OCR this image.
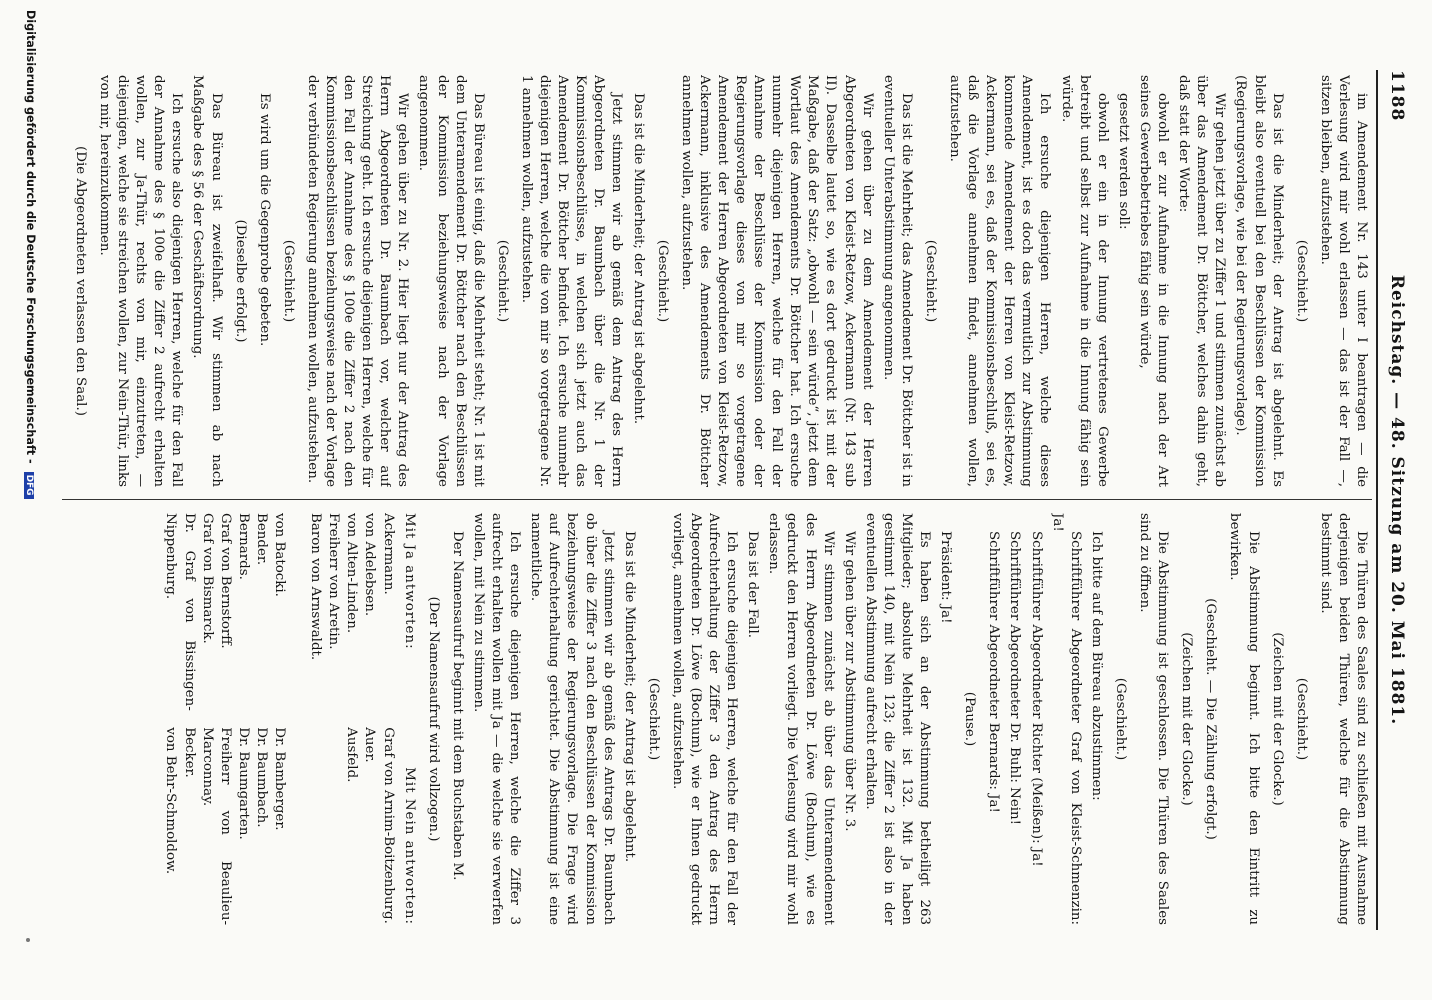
1188
Reichstag. — 48. Sitzung am 20. Mai 1881.

im Amendement Nr. 143 unter I beantragen — die Verlesung wird mir wohl erlassen — das ist der Fall —, sitzen bleiben, aufzustehen.

(Geschieht.)

Das ist die Minderheit; der Antrag ist abgelehnt. Es bleibt also eventuell bei den Beschlüssen der Kommission (Regierungsvorlage, wie bei der Regierungsvorlage).

Wir gehen jetzt über zu Ziffer 1 und stimmen zunächst ab über das Amendement Dr. Böttcher, welches dahin geht, daß statt der Worte:

obwohl er zur Aufnahme in die Innung nach der Art seines Gewerbebetriebes fähig sein würde,

gesetzt werden soll:

obwohl er ein in der Innung vertretenes Gewerbe betreibt und selbst zur Aufnahme in die Innung fähig sein würde.

Ich ersuche diejenigen Herren, welche dieses Amendement, ist es doch das vermutlich zur Abstimmung kommende Amendement der Herren von Kleist-Retzow, Ackermann, sei es, daß der Kommissionsbeschluß, sei es, daß die Vorlage annehmen findet, annehmen wollen, aufzustehen.

(Geschieht.)

Das ist die Mehrheit; das Amendement Dr. Böttcher ist in eventueller Unterabstimmung angenommen.

Wir gehen über zu dem Amendement der Herren Abgeordneten von Kleist-Retzow, Ackermann (Nr. 143 sub II). Dasselbe lautet so, wie es dort gedruckt ist mit der Maßgabe, daß der Satz: „obwohl — sein würde“, jetzt dem Wortlaut des Amendements Dr. Böttcher hat. Ich ersuche nunmehr diejenigen Herren, welche für den Fall der Annahme der Beschlüsse der Kommission oder der Regierungsvorlage dieses von mir so vorgetragene Amendement der Herren Abgeordneten von Kleist-Retzow, Ackermann, inklusive des Amendements Dr. Böttcher annehmen wollen, aufzustehen.

(Geschieht.)

Das ist die Minderheit; der Antrag ist abgelehnt.

Jetzt stimmen wir ab gemäß dem Antrag des Herrn Abgeordneten Dr. Baumbach über die Nr. 1 der Kommissionsbeschlüsse, in welchen sich jetzt auch das Amendement Dr. Böttcher befindet. Ich ersuche nunmehr diejenigen Herren, welche die von mir so vorgetragene Nr. 1 annehmen wollen, aufzustehen.

(Geschieht.)

Das Büreau ist einig, daß die Mehrheit steht; Nr. 1 ist mit dem Unteramendement Dr. Böttcher nach den Beschlüssen der Kommission beziehungsweise nach der Vorlage angenommen.

Wir gehen über zu Nr. 2. Hier liegt nur der Antrag des Herrn Abgeordneten Dr. Baumbach vor, welcher auf Streichung geht. Ich ersuche diejenigen Herren, welche für den Fall der Annahme des § 100e die Ziffer 2 nach den Kommissionsbeschlüssen beziehungsweise nach der Vorlage der verbündeten Regierung annehmen wollen, aufzustehen.

(Geschieht.)

Es wird um die Gegenprobe gebeten.

(Dieselbe erfolgt.)

Das Büreau ist zweifelhaft. Wir stimmen ab nach Maßgabe des § 56 der Geschäftsordnung.

Ich ersuche also diejenigen Herren, welche für den Fall der Annahme des § 100e die Ziffer 2 aufrecht erhalten wollen, zur Ja-Thür, rechts von mir, einzutreten, — diejenigen, welche sie streichen wollen, zur Nein-Thür, links von mir, hereinzukommen.

(Die Abgeordneten verlassen den Saal.)

Die Thüren des Saales sind zu schließen mit Ausnahme derjenigen beiden Thüren, welche für die Abstimmung bestimmt sind.

(Geschieht.)

(Zeichen mit der Glocke.)

Die Abstimmung beginnt. Ich bitte den Eintritt zu bewirken.

(Geschieht. — Die Zählung erfolgt.)

(Zeichen mit der Glocke.)

Die Abstimmung ist geschlossen. Die Thüren des Saales sind zu öffnen.

(Geschieht.)

Ich bitte auf dem Büreau abzustimmen:

Schriftführer Abgeordneter Graf von Kleist-Schmenzin: Ja!

Schriftführer Abgeordneter Richter (Meißen): Ja!

Schriftführer Abgeordneter Dr. Buhl: Nein!

Schriftführer Abgeordneter Bernards: Ja!

(Pause.)

Präsident: Ja!

Es haben sich an der Abstimmung betheiligt 263 Mitglieder; absolute Mehrheit ist 132. Mit Ja haben gestimmt 140, mit Nein 123; die Ziffer 2 ist also in der eventuellen Abstimmung aufrecht erhalten.

Wir gehen über zur Abstimmung über Nr. 3.

Wir stimmen zunächst ab über das Unteramendement des Herrn Abgeordneten Dr. Löwe (Bochum), wie es gedruckt den Herren vorliegt. Die Verlesung wird mir wohl erlassen.

Das ist der Fall.

Ich ersuche diejenigen Herren, welche für den Fall der Aufrechterhaltung der Ziffer 3 den Antrag des Herrn Abgeordneten Dr. Löwe (Bochum), wie er Ihnen gedruckt vorliegt, annehmen wollen, aufzustehen.

(Geschieht.)

Das ist die Minderheit; der Antrag ist abgelehnt.

Jetzt stimmen wir ab gemäß des Antrags Dr. Baumbach ob über die Ziffer 3 nach den Beschlüssen der Kommission beziehungsweise der Regierungsvorlage. Die Frage wird auf Aufrechterhaltung gerichtet. Die Abstimmung ist eine namentliche.

Ich ersuche diejenigen Herren, welche die Ziffer 3 aufrecht erhalten wollen mit Ja — die welche sie verwerfen wollen, mit Nein zu stimmen.

Der Namensaufruf beginnt mit dem Buchstaben M.

(Der Namensaufruf wird vollzogen.)

Mit Ja antworten:

Mit Nein antworten:

Ackermann.
von Adelebsen.
von Alten-Linden.
Freiherr von Aretin.
Baron von Arnswaldt.

von Batocki.
Bender.
Bernards.
Graf von Bernstorff.
Graf von Bismarck.
Dr. Graf von Bissingen-Nippenburg.
Graf von Arnim-Boitzenburg.
Auer.
Ausfeld.

Dr. Bamberger.
Dr. Baumbach.
Dr. Baumgarten.
Freiherr von Beaulieu-Marconnay.
Becker.
von Behr-Schmoldow.
Digitalisierung gefördert durch die Deutsche Forschungsgemeinschaft - DFG
